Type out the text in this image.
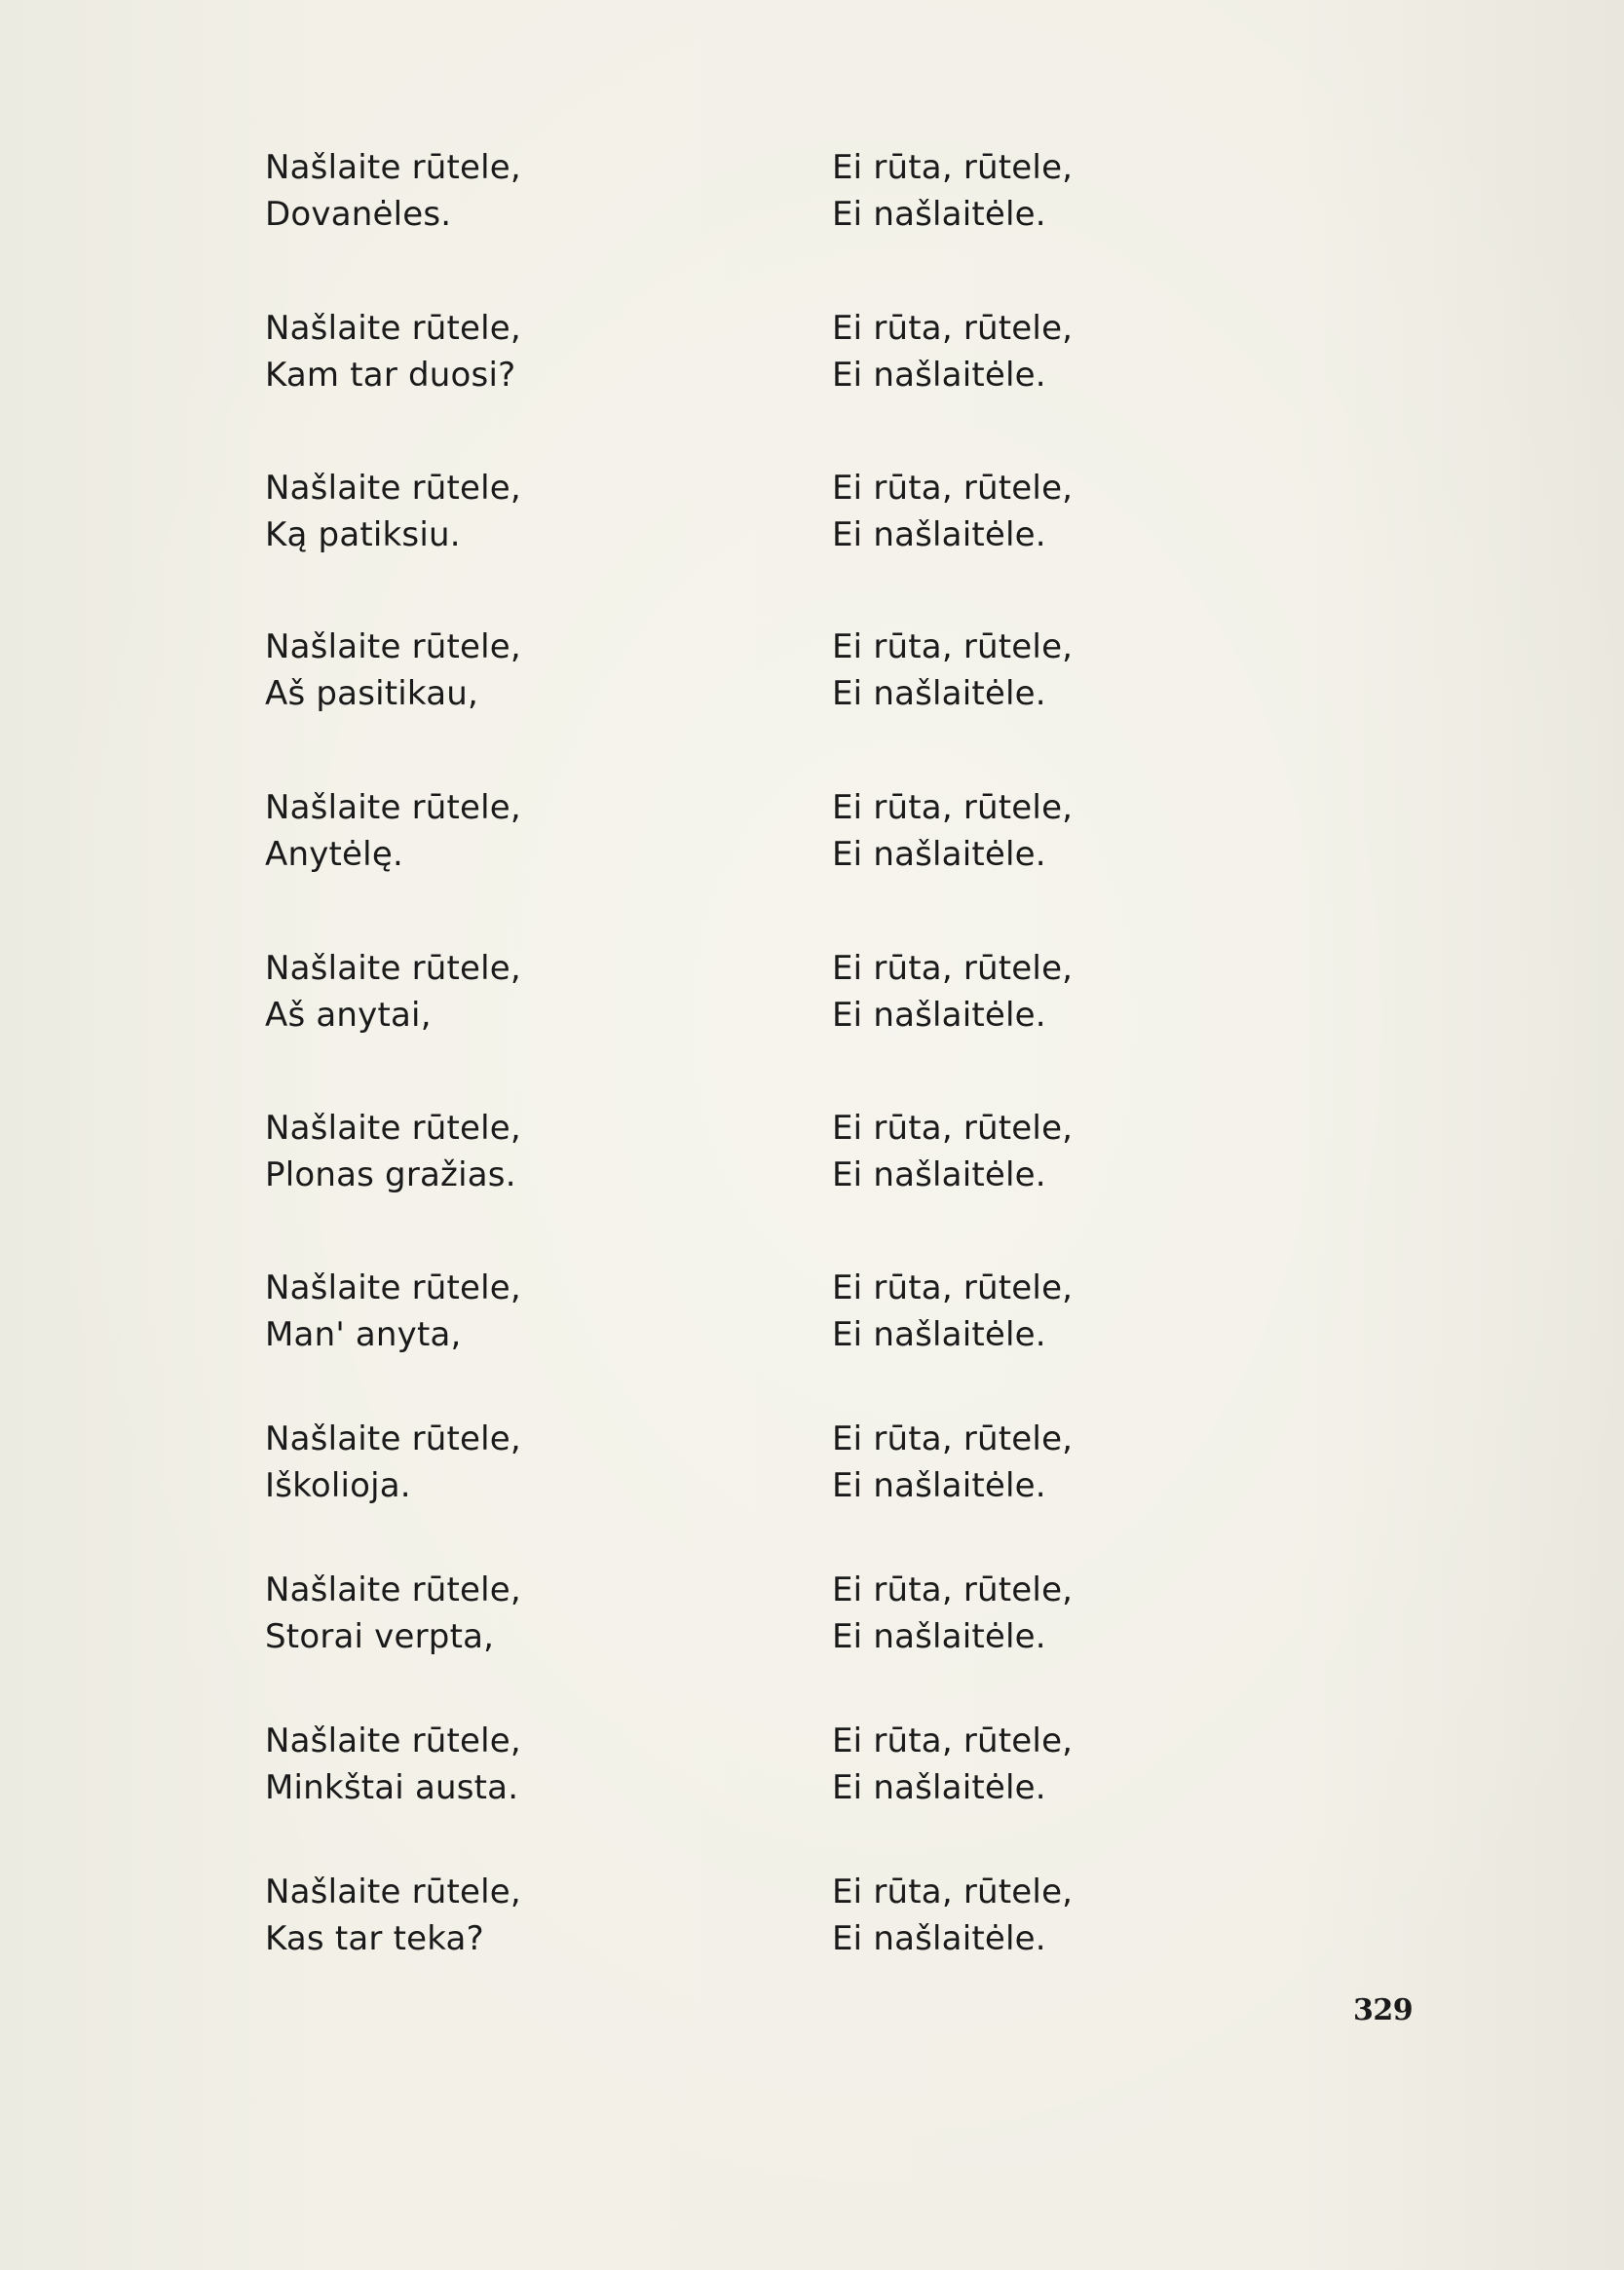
Našlaite rūtele,
Dovanėles.
Ei rūta, rūtele,
Ei našlaitėle.
Našlaite rūtele,
Kam tar duosi?
Ei rūta, rūtele,
Ei našlaitėle.
Našlaite rūtele,
Ką patiksiu.
Ei rūta, rūtele,
Ei našlaitėle.
Našlaite rūtele,
Aš pasitikau,
Ei rūta, rūtele,
Ei našlaitėle.
Našlaite rūtele,
Anytėlę.
Ei rūta, rūtele,
Ei našlaitėle.
Našlaite rūtele,
Aš anytai,
Ei rūta, rūtele,
Ei našlaitėle.
Našlaite rūtele,
Plonas gražias.
Ei rūta, rūtele,
Ei našlaitėle.
Našlaite rūtele,
Man' anyta,
Ei rūta, rūtele,
Ei našlaitėle.
Našlaite rūtele,
Iškolioja.
Ei rūta, rūtele,
Ei našlaitėle.
Našlaite rūtele,
Storai verpta,
Ei rūta, rūtele,
Ei našlaitėle.
Našlaite rūtele,
Minkštai austa.
Ei rūta, rūtele,
Ei našlaitėle.
Našlaite rūtele,
Kas tar teka?
Ei rūta, rūtele,
Ei našlaitėle.
329
